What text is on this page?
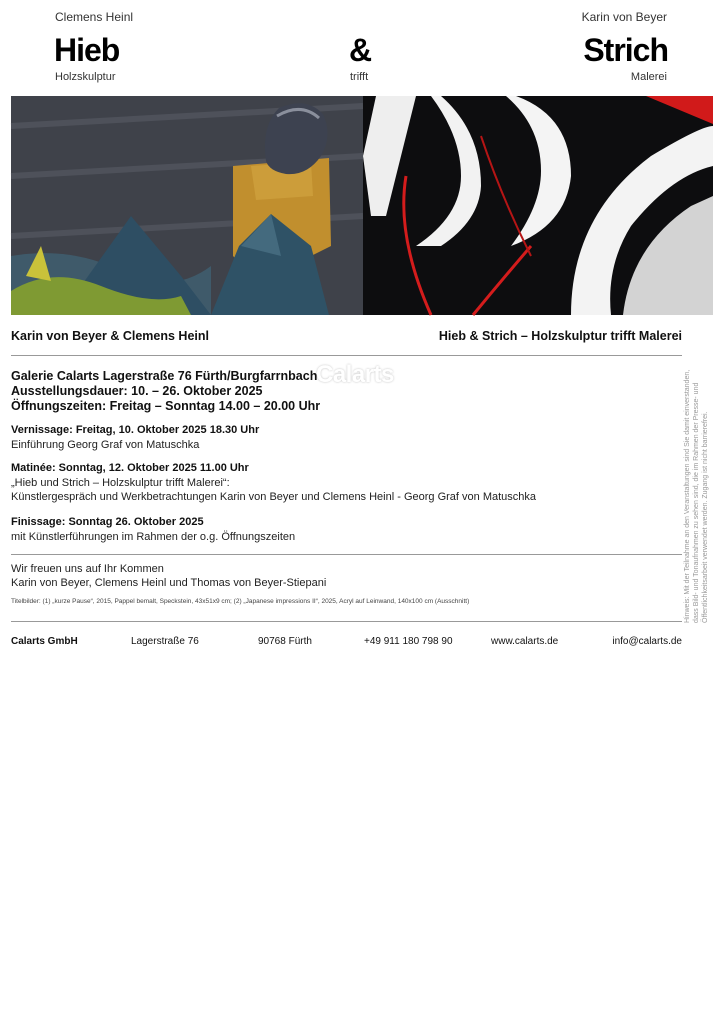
Clemens Heinl
Hieb
Holzskulptur
&
trifft
Karin von Beyer
Strich
Malerei
Calarts
Karin von Beyer & Clemens Heinl	Hieb & Strich – Holzskulptur trifft Malerei
Galerie Calarts Lagerstraße 76 Fürth/Burgfarrnbach
Ausstellungsdauer: 10. – 26. Oktober 2025
Öffnungszeiten: Freitag – Sonntag 14.00 – 20.00 Uhr
Vernissage: Freitag, 10. Oktober 2025 18.30 Uhr
Einführung Georg Graf von Matuschka
Matinée: Sonntag, 12. Oktober 2025 11.00 Uhr
„Hieb und Strich – Holzskulptur trifft Malerei“:
Künstlergespräch und Werkbetrachtungen Karin von Beyer und Clemens Heinl - Georg Graf von Matuschka
Finissage: Sonntag 26. Oktober 2025
mit Künstlerführungen im Rahmen der o.g. Öffnungszeiten
Wir freuen uns auf Ihr Kommen
Karin von Beyer, Clemens Heinl und Thomas von Beyer-Stiepani
Titelbilder: (1) „kurze Pause“, 2015, Pappel bemalt, Speckstein, 43x51x9 cm; (2) „Japanese impressions II“, 2025, Acryl auf Leinwand, 140x100 cm (Ausschnitt)	Hinweis: Mit der Teilnahme an den Veranstaltungen sind Sie damit einverstanden, dass Bild- und Tonaufnahmen zu sehen sind, die im Rahmen der Presse- und Öffentlichkeitsarbeit verwendet werden. Zugang ist nicht barrierefrei.
Calarts GmbH	Lagerstraße 76	90768 Fürth	+49 911 180 798 90	www.calarts.de	info@calarts.de
